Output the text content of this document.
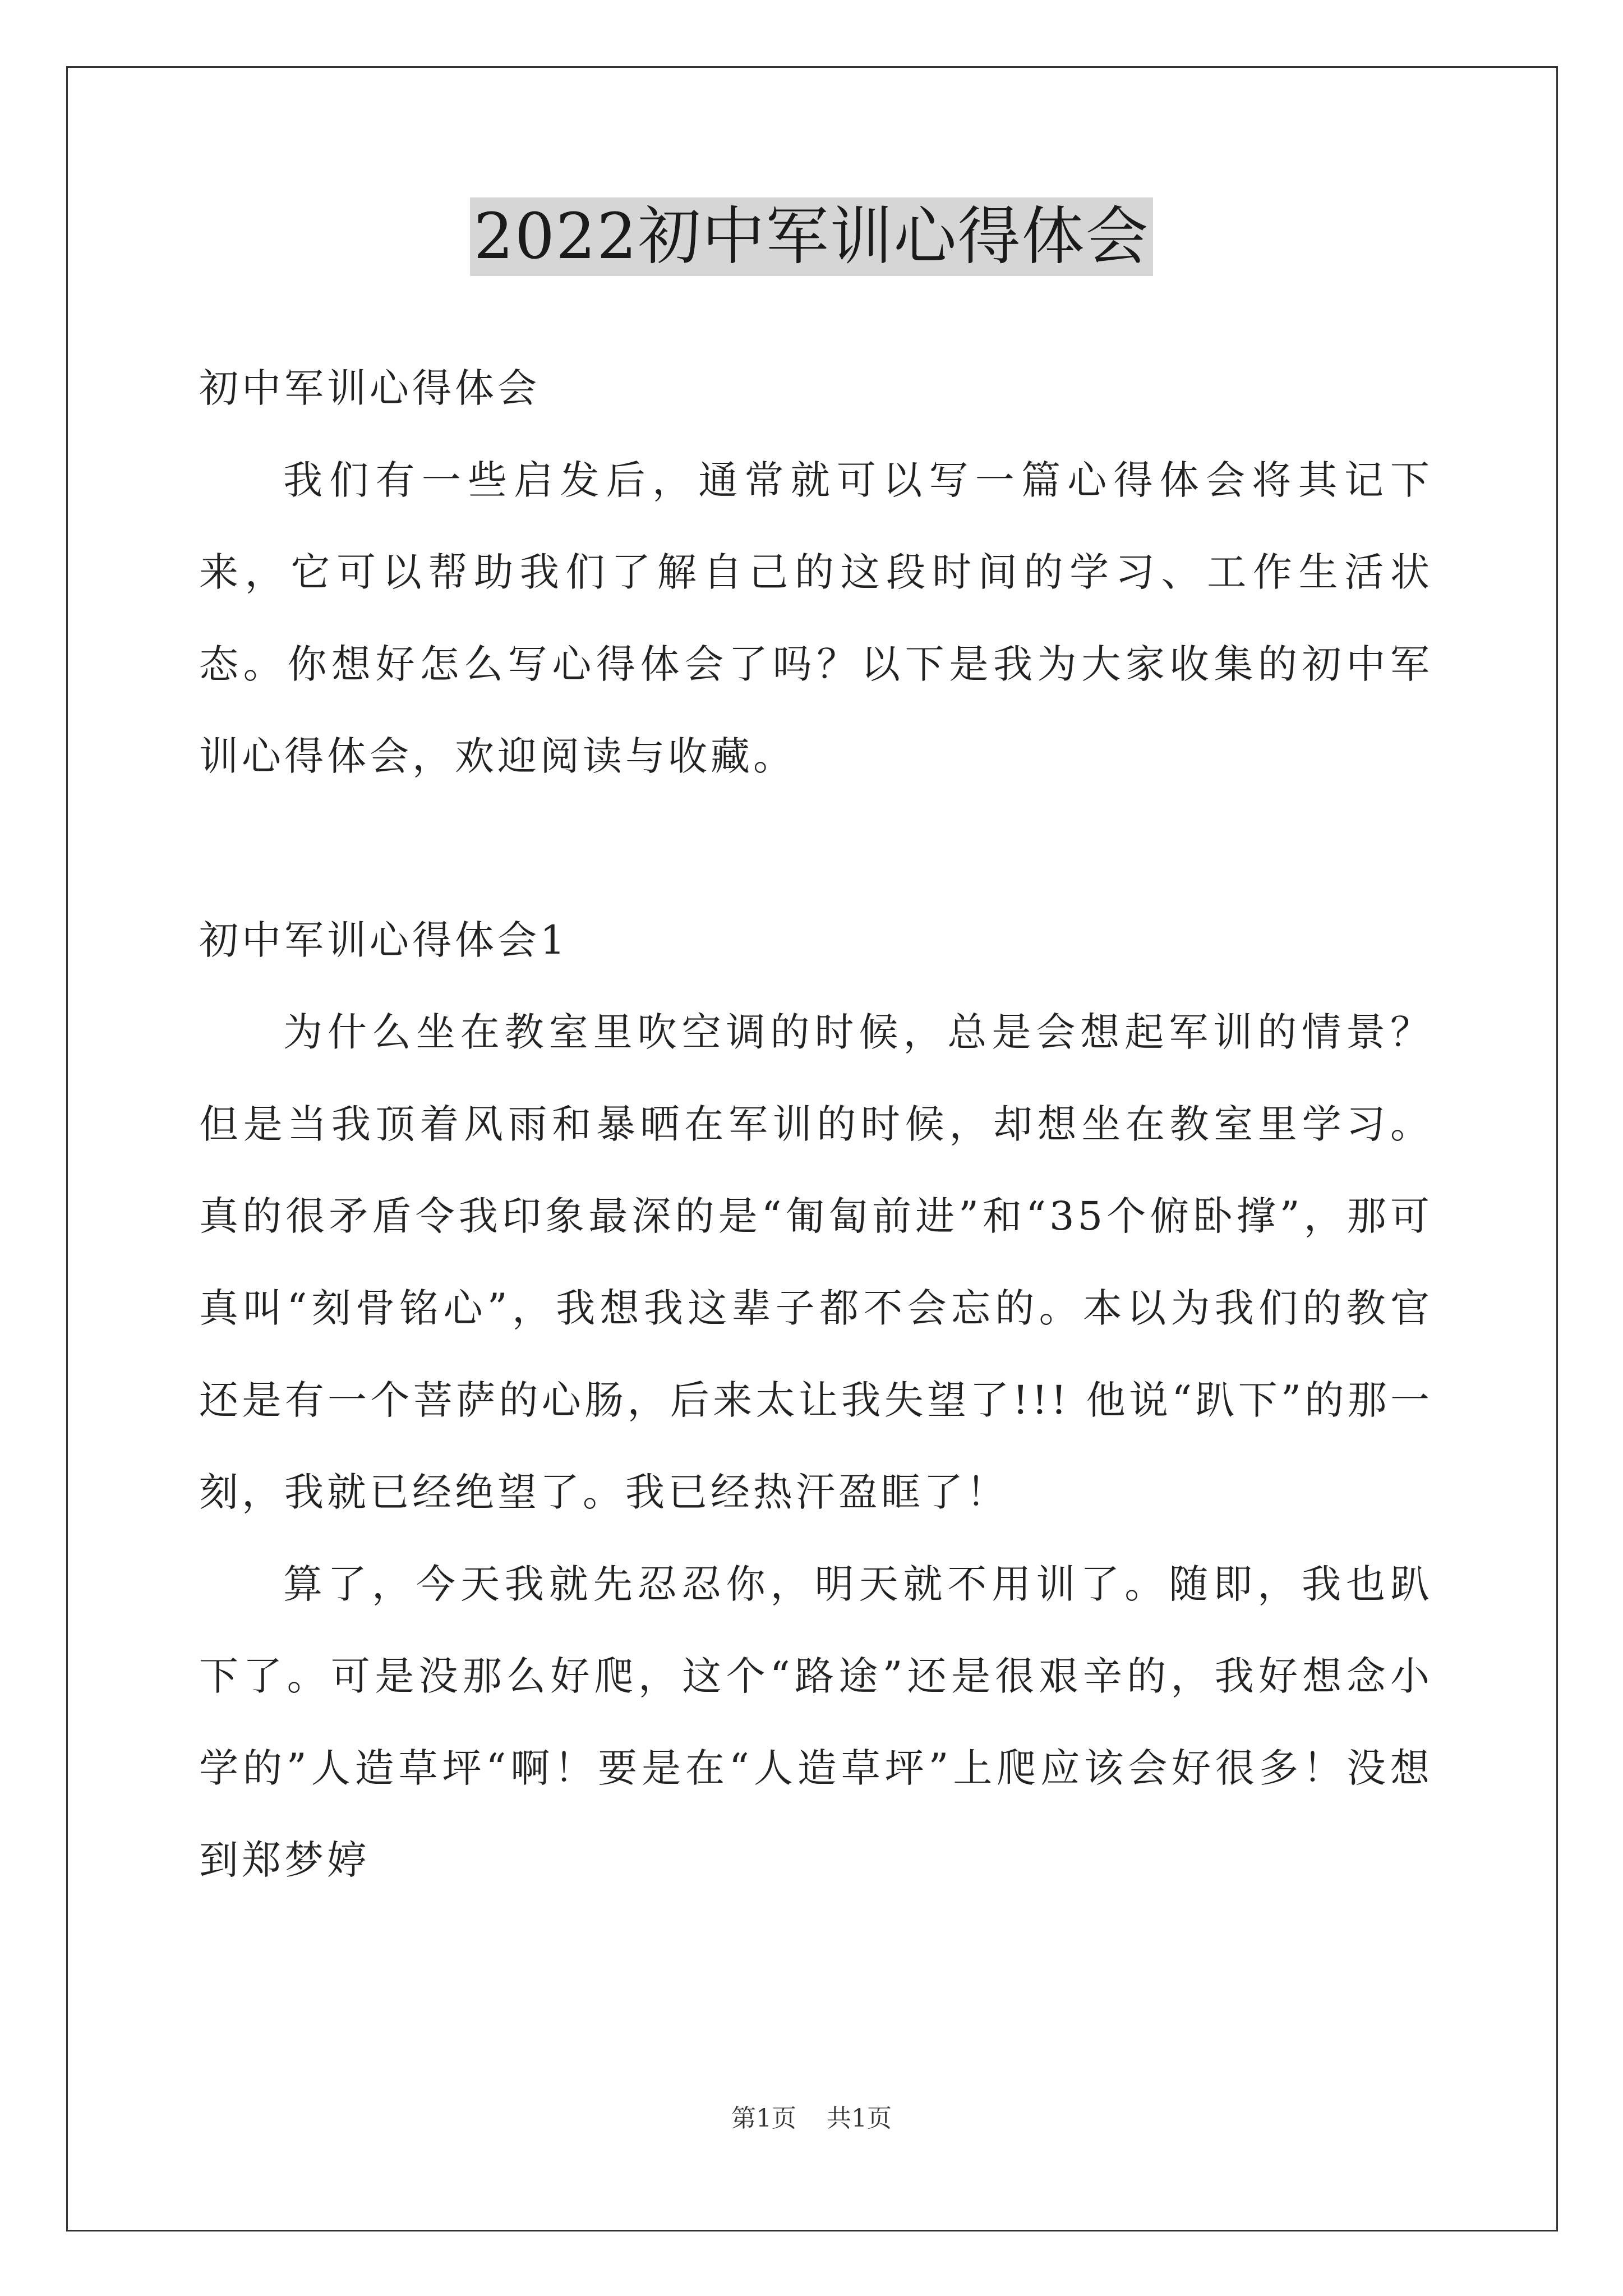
2022初中军训心得体会

初中军训心得体会

我们有一些启发后，通常就可以写一篇心得体会将其记下来，它可以帮助我们了解自己的这段时间的学习、工作生活状态。你想好怎么写心得体会了吗？以下是我为大家收集的初中军训心得体会，欢迎阅读与收藏。

初中军训心得体会1

为什么坐在教室里吹空调的时候，总是会想起军训的情景？但是当我顶着风雨和暴晒在军训的时候，却想坐在教室里学习。真的很矛盾令我印象最深的是“匍匐前进”和“35个俯卧撑”，那可真叫“刻骨铭心”，我想我这辈子都不会忘的。本以为我们的教官还是有一个菩萨的心肠，后来太让我失望了!!! 他说“趴下”的那一刻，我就已经绝望了。我已经热汗盈眶了！

算了，今天我就先忍忍你，明天就不用训了。随即，我也趴下了。可是没那么好爬，这个“路途”还是很艰辛的，我好想念小学的”人造草坪“啊！要是在“人造草坪”上爬应该会好很多！没想到郑梦婷

第1页 共1页
